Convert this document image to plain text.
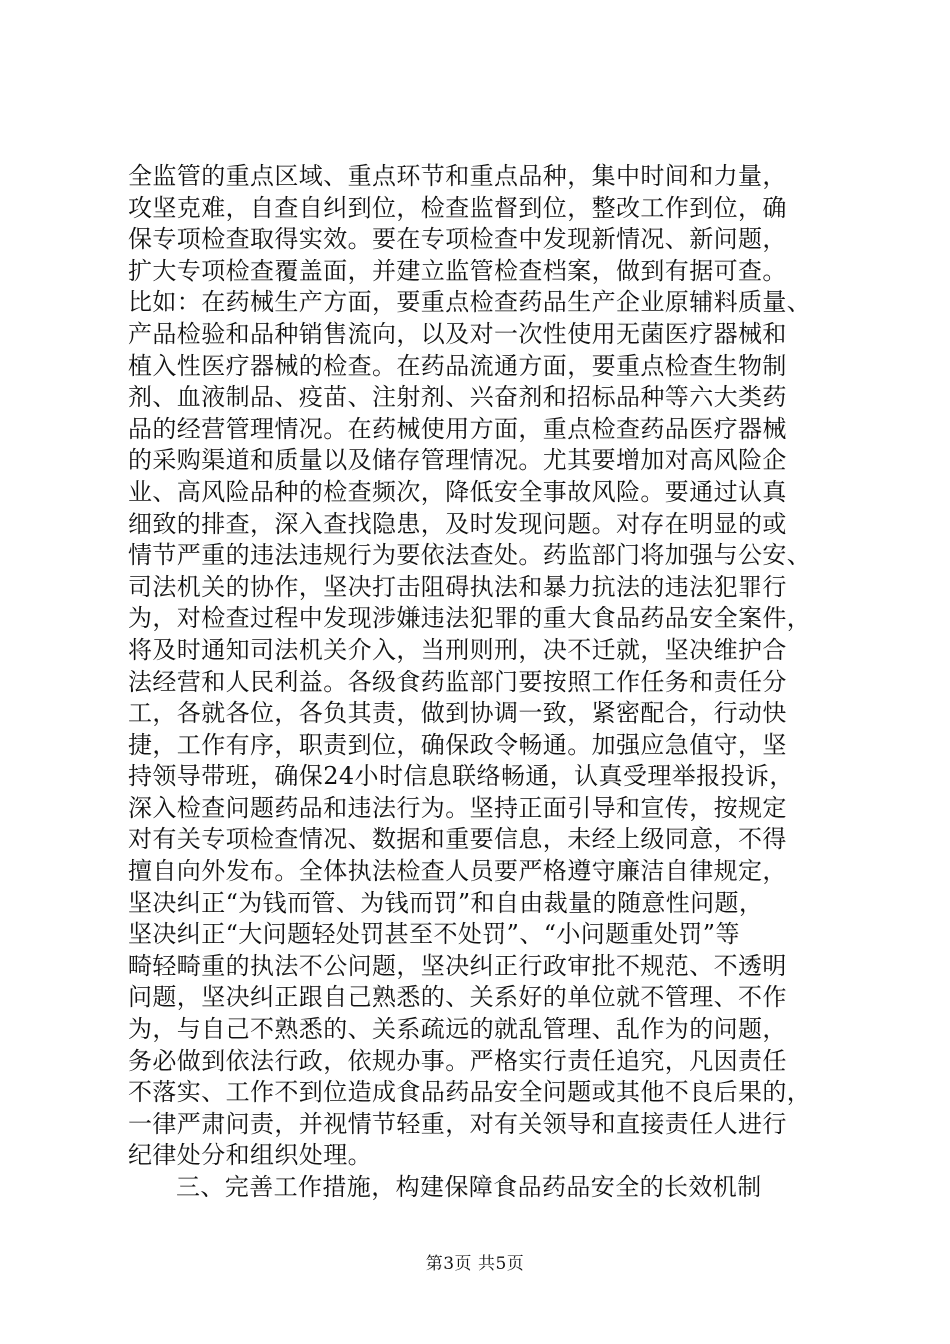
全监管的重点区域、重点环节和重点品种，集中时间和力量，
攻坚克难，自查自纠到位，检查监督到位，整改工作到位，确
保专项检查取得实效。要在专项检查中发现新情况、新问题，
扩大专项检查覆盖面，并建立监管检查档案，做到有据可查。
比如：在药械生产方面，要重点检查药品生产企业原辅料质量、
产品检验和品种销售流向，以及对一次性使用无菌医疗器械和
植入性医疗器械的检查。在药品流通方面，要重点检查生物制
剂、血液制品、疫苗、注射剂、兴奋剂和招标品种等六大类药
品的经营管理情况。在药械使用方面，重点检查药品医疗器械
的采购渠道和质量以及储存管理情况。尤其要增加对高风险企
业、高风险品种的检查频次，降低安全事故风险。要通过认真
细致的排查，深入查找隐患，及时发现问题。对存在明显的或
情节严重的违法违规行为要依法查处。药监部门将加强与公安、
司法机关的协作，坚决打击阻碍执法和暴力抗法的违法犯罪行
为，对检查过程中发现涉嫌违法犯罪的重大食品药品安全案件，
将及时通知司法机关介入，当刑则刑，决不迁就，坚决维护合
法经营和人民利益。各级食药监部门要按照工作任务和责任分
工，各就各位，各负其责，做到协调一致，紧密配合，行动快
捷，工作有序，职责到位，确保政令畅通。加强应急值守，坚
持领导带班，确保24小时信息联络畅通，认真受理举报投诉，
深入检查问题药品和违法行为。坚持正面引导和宣传，按规定
对有关专项检查情况、数据和重要信息，未经上级同意，不得
擅自向外发布。全体执法检查人员要严格遵守廉洁自律规定，
坚决纠正“为钱而管、为钱而罚”和自由裁量的随意性问题，
坚决纠正“大问题轻处罚甚至不处罚”、“小问题重处罚”等
畸轻畸重的执法不公问题，坚决纠正行政审批不规范、不透明
问题，坚决纠正跟自己熟悉的、关系好的单位就不管理、不作
为，与自己不熟悉的、关系疏远的就乱管理、乱作为的问题，
务必做到依法行政，依规办事。严格实行责任追究，凡因责任
不落实、工作不到位造成食品药品安全问题或其他不良后果的，
一律严肃问责，并视情节轻重，对有关领导和直接责任人进行
纪律处分和组织处理。
三、完善工作措施，构建保障食品药品安全的长效机制
第3页 共5页
